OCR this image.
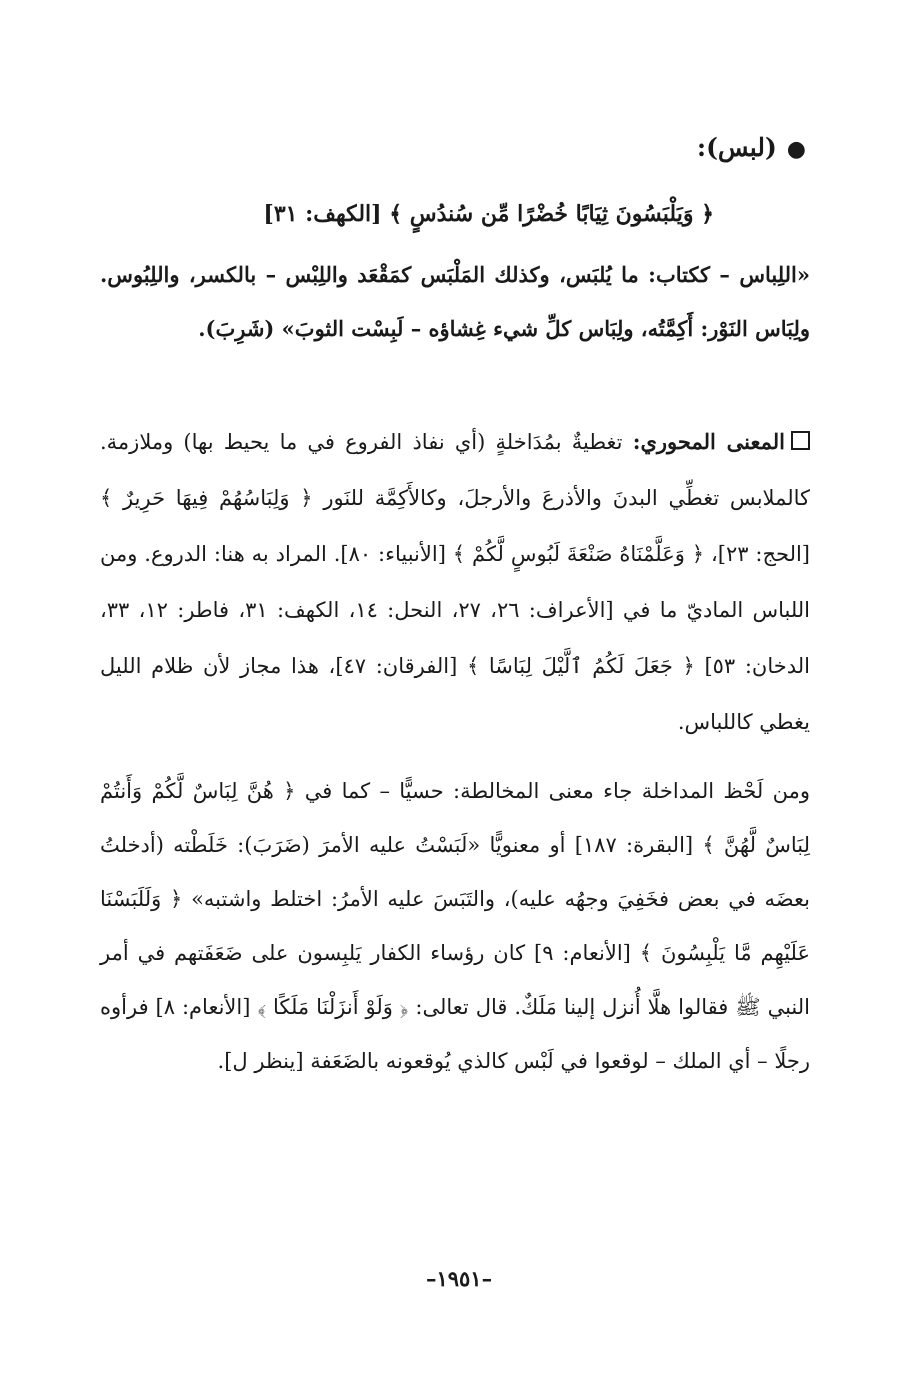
●(لبس):
﴿ وَيَلْبَسُونَ ثِيَابًا خُضْرًا مِّن سُندُسٍ ﴾ [الكهف: ٣١]
«اللِباس – ككتاب: ما يُلبَس، وكذلك المَلْبَس كمَقْعَد واللِبْس – بالكسر، واللِبُوس. ولِبَاس النَوْر: أَكِمَّتُه، ولِبَاس كلِّ شيء غِشاؤه – لَبِسْت الثوبَ» (شَرِبَ).
المعنى المحوري: تغطيةٌ بمُدَاخلةٍ (أي نفاذ الفروع في ما يحيط بها) وملازمة. كالملابس تغطِّي البدنَ والأذرعَ والأرجلَ، وكالأَكِمَّة للنَور ﴿ وَلِبَاسُهُمْ فِيهَا حَرِيرٌ ﴾ [الحج: ٢٣]، ﴿ وَعَلَّمْنَاهُ صَنْعَةَ لَبُوسٍ لَّكُمْ ﴾ [الأنبياء: ٨٠]. المراد به هنا: الدروع. ومن اللباس الماديّ ما في [الأعراف: ٢٦، ٢٧، النحل: ١٤، الكهف: ٣١، فاطر: ١٢، ٣٣، الدخان: ٥٣] ﴿ جَعَلَ لَكُمُ ٱلَّيْلَ لِبَاسًا ﴾ [الفرقان: ٤٧]، هذا مجاز لأن ظلام الليل يغطي كاللباس.
ومن لَحْظ المداخلة جاء معنى المخالطة: حسيًّا – كما في ﴿ هُنَّ لِبَاسٌ لَّكُمْ وَأَنتُمْ لِبَاسٌ لَّهُنَّ ﴾ [البقرة: ١٨٧] أو معنويًّا «لَبَسْتُ عليه الأمرَ (ضَرَبَ): خَلَطْته (أدخلتُ بعضَه في بعض فخَفِيَ وجهُه عليه)، والتَبَسَ عليه الأمرُ: اختلط واشتبه» ﴿ وَلَلَبَسْنَا عَلَيْهِم مَّا يَلْبِسُونَ ﴾ [الأنعام: ٩] كان رؤساء الكفار يَلبِسون على ضَعَفَتهم في أمر النبي ﷺ فقالوا هلَّا أُنزل إلينا مَلَكٌ. قال تعالى: ﴿ وَلَوْ أَنزَلْنَا مَلَكًا ﴾ [الأنعام: ٨] فرأوه رجلًا – أي الملك – لوقعوا في لَبْس كالذي يُوقعونه بالضَعَفة [ينظر ل].
–١٩٥١–
